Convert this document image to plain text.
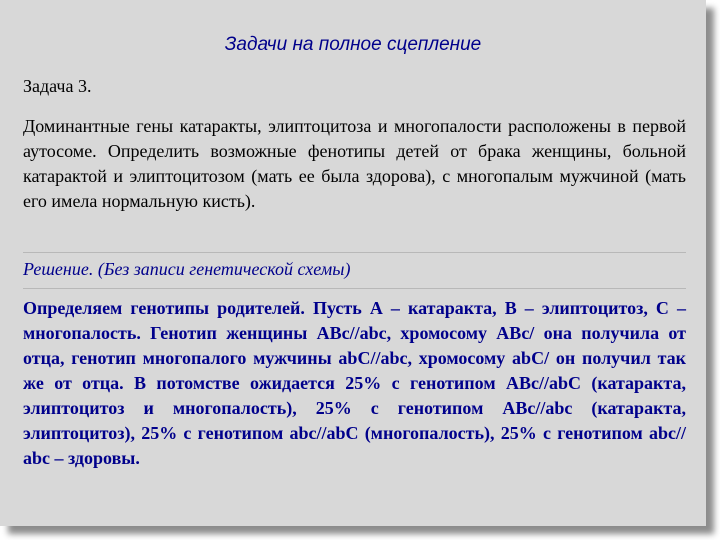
Задачи на полное сцепление
Задача 3.
Доминантные гены катаракты, элиптоцитоза и многопалости расположены в первой аутосоме. Определить возможные фенотипы детей от брака женщины, больной катарактой и элиптоцитозом (мать ее была здорова), с многопалым мужчиной (мать его имела нормальную кисть).
Решение. (Без записи генетической схемы)
Определяем генотипы родителей. Пусть А – катаракта, В – элиптоцитоз, С – многопалость. Генотип женщины АВс//аbс, хромосому АВс/ она получила от отца, генотип многопалого мужчины аbС//аbс, хромосому аbС/ он получил так же от отца. В потомстве ожидается 25% с генотипом АВс//аbС (катаракта, элиптоцитоз и многопалость), 25% с генотипом АВс//аbс (катаракта, элиптоцитоз), 25% с генотипом аbс//аbС (многопалость), 25% с генотипом аbс//аbс – здоровы.
